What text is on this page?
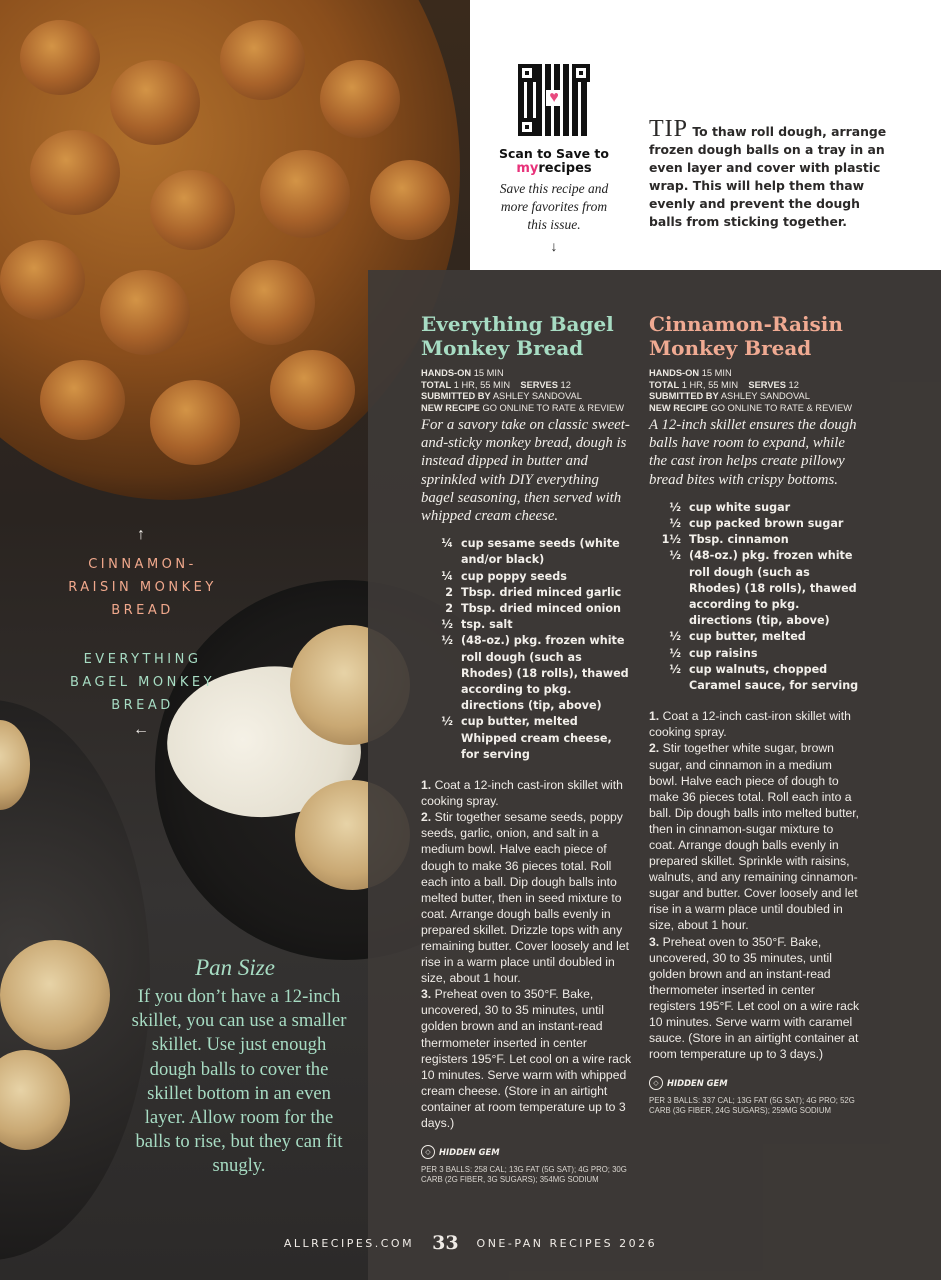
♥
Scan to Save to
myrecipes
Save this recipe and more favorites from this issue.
↓
TIP To thaw roll dough, arrange frozen dough balls on a tray in an even layer and cover with plastic wrap. This will help them thaw evenly and prevent the dough balls from sticking together.
Everything Bagel
Monkey Bread
HANDS-ON 15 MIN
TOTAL 1 HR, 55 MIN SERVES 12
SUBMITTED BY ASHLEY SANDOVAL
NEW RECIPE GO ONLINE TO RATE & REVIEW
For a savory take on classic sweet-and-sticky monkey bread, dough is instead dipped in butter and sprinkled with DIY everything bagel seasoning, then served with whipped cream cheese.
¼ cup sesame seeds (white and/or black)
¼ cup poppy seeds
2 Tbsp. dried minced garlic
2 Tbsp. dried minced onion
½ tsp. salt
½ (48-oz.) pkg. frozen white roll dough (such as Rhodes) (18 rolls), thawed according to pkg. directions (tip, above)
½ cup butter, melted
Whipped cream cheese, for serving

1. Coat a 12-inch cast-iron skillet with cooking spray.

2. Stir together sesame seeds, poppy seeds, garlic, onion, and salt in a medium bowl. Halve each piece of dough to make 36 pieces total. Roll each into a ball. Dip dough balls into melted butter, then in seed mixture to coat. Arrange dough balls evenly in prepared skillet. Drizzle tops with any remaining butter. Cover loosely and let rise in a warm place until doubled in size, about 1 hour.

3. Preheat oven to 350°F. Bake, uncovered, 30 to 35 minutes, until golden brown and an instant-read thermometer inserted in center registers 195°F. Let cool on a wire rack 10 minutes. Serve warm with whipped cream cheese. (Store in an airtight container at room temperature up to 3 days.)

◇ HIDDEN GEM
PER 3 BALLS: 258 CAL; 13G FAT (5G SAT); 4G PRO; 30G CARB (2G FIBER, 3G SUGARS); 354MG SODIUM
Cinnamon-Raisin
Monkey Bread
HANDS-ON 15 MIN
TOTAL 1 HR, 55 MIN SERVES 12
SUBMITTED BY ASHLEY SANDOVAL
NEW RECIPE GO ONLINE TO RATE & REVIEW
A 12-inch skillet ensures the dough balls have room to expand, while the cast iron helps create pillowy bread bites with crispy bottoms.
½ cup white sugar
½ cup packed brown sugar
1½ Tbsp. cinnamon
½ (48-oz.) pkg. frozen white roll dough (such as Rhodes) (18 rolls), thawed according to pkg. directions (tip, above)
½ cup butter, melted
½ cup raisins
½ cup walnuts, chopped
Caramel sauce, for serving

1. Coat a 12-inch cast-iron skillet with cooking spray.

2. Stir together white sugar, brown sugar, and cinnamon in a medium bowl. Halve each piece of dough to make 36 pieces total. Roll each into a ball. Dip dough balls into melted butter, then in cinnamon-sugar mixture to coat. Arrange dough balls evenly in prepared skillet. Sprinkle with raisins, walnuts, and any remaining cinnamon-sugar and butter. Cover loosely and let rise in a warm place until doubled in size, about 1 hour.

3. Preheat oven to 350°F. Bake, uncovered, 30 to 35 minutes, until golden brown and an instant-read thermometer inserted in center registers 195°F. Let cool on a wire rack 10 minutes. Serve warm with caramel sauce. (Store in an airtight container at room temperature up to 3 days.)

◇ HIDDEN GEM
PER 3 BALLS: 337 CAL; 13G FAT (5G SAT); 4G PRO; 52G CARB (3G FIBER, 24G SUGARS); 259MG SODIUM
↑
CINNAMON-RAISIN MONKEY BREAD
EVERYTHING BAGEL MONKEY BREAD
←
Pan Size
If you don’t have a 12-inch skillet, you can use a smaller skillet. Use just enough dough balls to cover the skillet bottom in an even layer. Allow room for the balls to rise, but they can fit snugly.
ALLRECIPES.COM 33 ONE-PAN RECIPES 2026
